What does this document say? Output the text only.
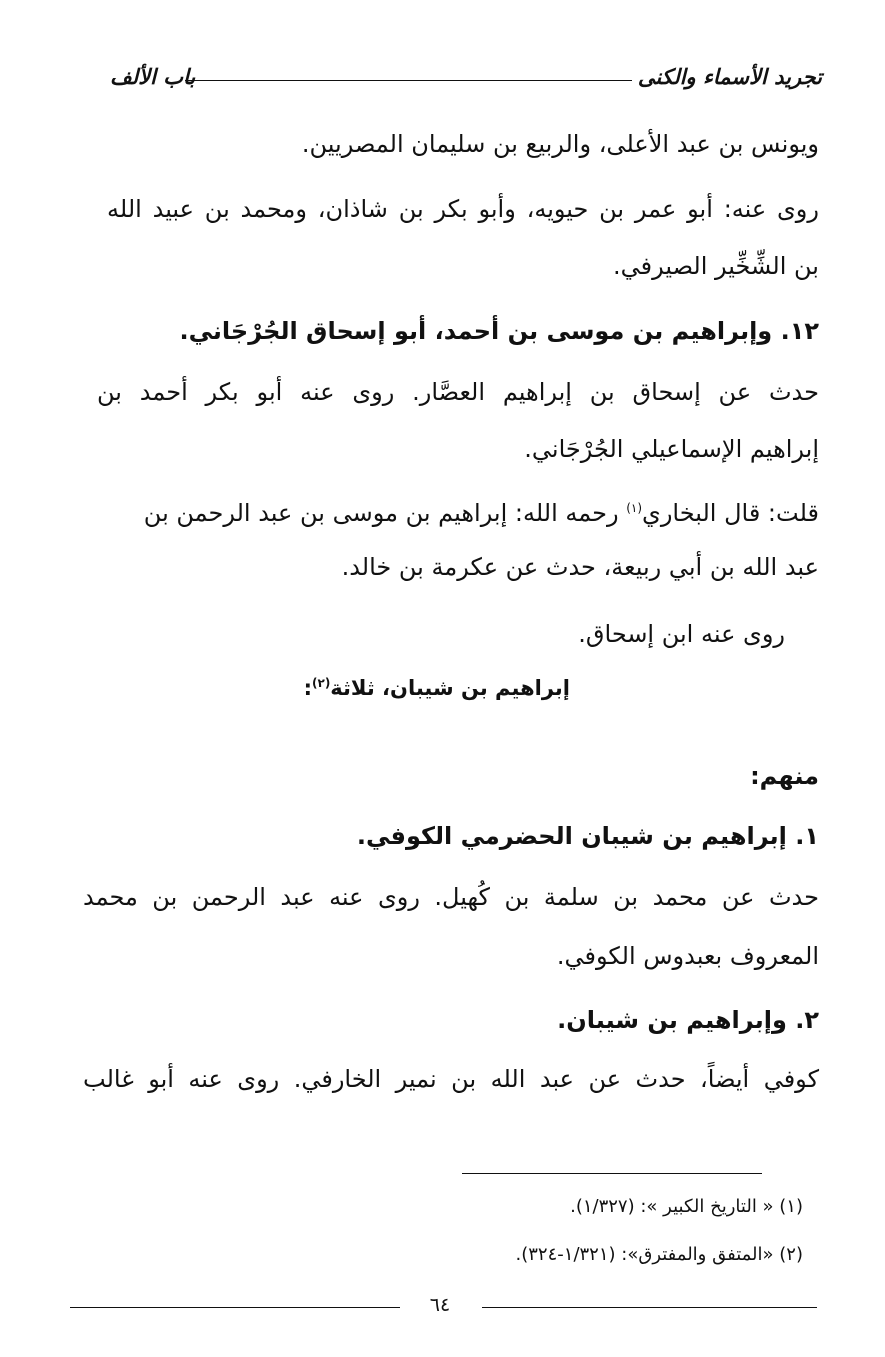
تجريد الأسماء والكنى
باب الألف
ويونس بن عبد الأعلى، والربيع بن سليمان المصريين.
روى عنه: أبو عمر بن حيويه، وأبو بكر بن شاذان، ومحمد بن عبيد الله
بن الشِّخِّير الصيرفي.
١٢. وإبراهيم بن موسى بن أحمد، أبو إسحاق الجُرْجَاني.
حدث عن إسحاق بن إبراهيم العصَّار. روى عنه أبو بكر أحمد بن
إبراهيم الإسماعيلي الجُرْجَاني.
قلت: قال البخاري$^{(١)}$ رحمه الله: إبراهيم بن موسى بن عبد الرحمن بن
عبد الله بن أبي ربيعة، حدث عن عكرمة بن خالد.
روى عنه ابن إسحاق.
إبراهيم بن شيبان، ثلاثة$^{(٢)}$:
منهم:
١. إبراهيم بن شيبان الحضرمي الكوفي.
حدث عن محمد بن سلمة بن كُهيل. روى عنه عبد الرحمن بن محمد
المعروف بعبدوس الكوفي.
٢. وإبراهيم بن شيبان.
كوفي أيضاً، حدث عن عبد الله بن نمير الخارفي. روى عنه أبو غالب
(١) « التاريخ الكبير »: (١/٣٢٧).
(٢) «المتفق والمفترق»: (١/٣٢١-٣٢٤).
٦٤
